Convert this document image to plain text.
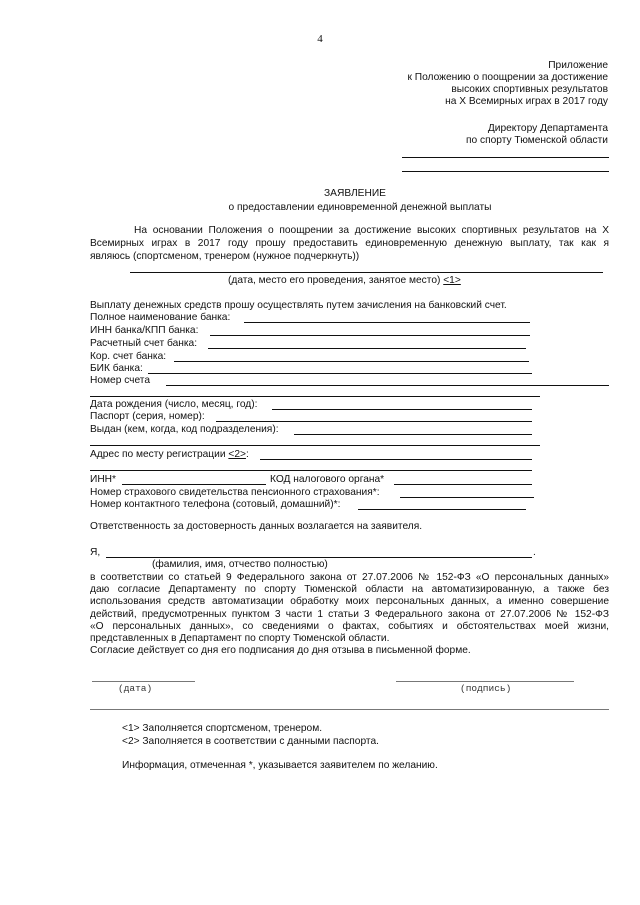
4
Приложение
к Положению о поощрении за достижение
высоких спортивных результатов
на X Всемирных играх в 2017 году
Директору Департамента
по спорту Тюменской области
ЗАЯВЛЕНИЕ
о предоставлении единовременной денежной выплаты
На основании Положения о поощрении за достижение высоких спортивных результатов на X
Всемирных играх в 2017 году прошу предоставить единовременную денежную выплату, так как я
являюсь (спортсменом, тренером (нужное подчеркнуть))
(дата, место его проведения, занятое место) <1>
Выплату денежных средств прошу осуществлять путем зачисления на банковский счет.
Полное наименование банка:
ИНН банка/КПП банка:
Расчетный счет банка:
Кор. счет банка:
БИК банка:
Номер счета
Дата рождения (число, месяц, год):
Паспорт (серия, номер):
Выдан (кем, когда, код подразделения):
Адрес по месту регистрации <2>:
ИНН*	КОД налогового органа*
Номер страхового свидетельства пенсионного страхования*:
Номер контактного телефона (сотовый, домашний)*:
Ответственность за достоверность данных возлагается на заявителя.
Я,	.
(фамилия, имя, отчество полностью)
в соответствии со статьей 9 Федерального закона от 27.07.2006 № 152-ФЗ «О персональных данных»
даю согласие Департаменту по спорту Тюменской области на автоматизированную, а также без
использования средств автоматизации обработку моих персональных данных, а именно совершение
действий, предусмотренных пунктом 3 части 1 статьи 3 Федерального закона от 27.07.2006 № 152-ФЗ
«О персональных данных», со сведениями о фактах, событиях и обстоятельствах моей жизни,
представленных в Департамент по спорту Тюменской области.
Согласие действует со дня его подписания до дня отзыва в письменной форме.
(дата)	(подпись)
<1> Заполняется спортсменом, тренером.
<2> Заполняется в соответствии с данными паспорта.
Информация, отмеченная *, указывается заявителем по желанию.
